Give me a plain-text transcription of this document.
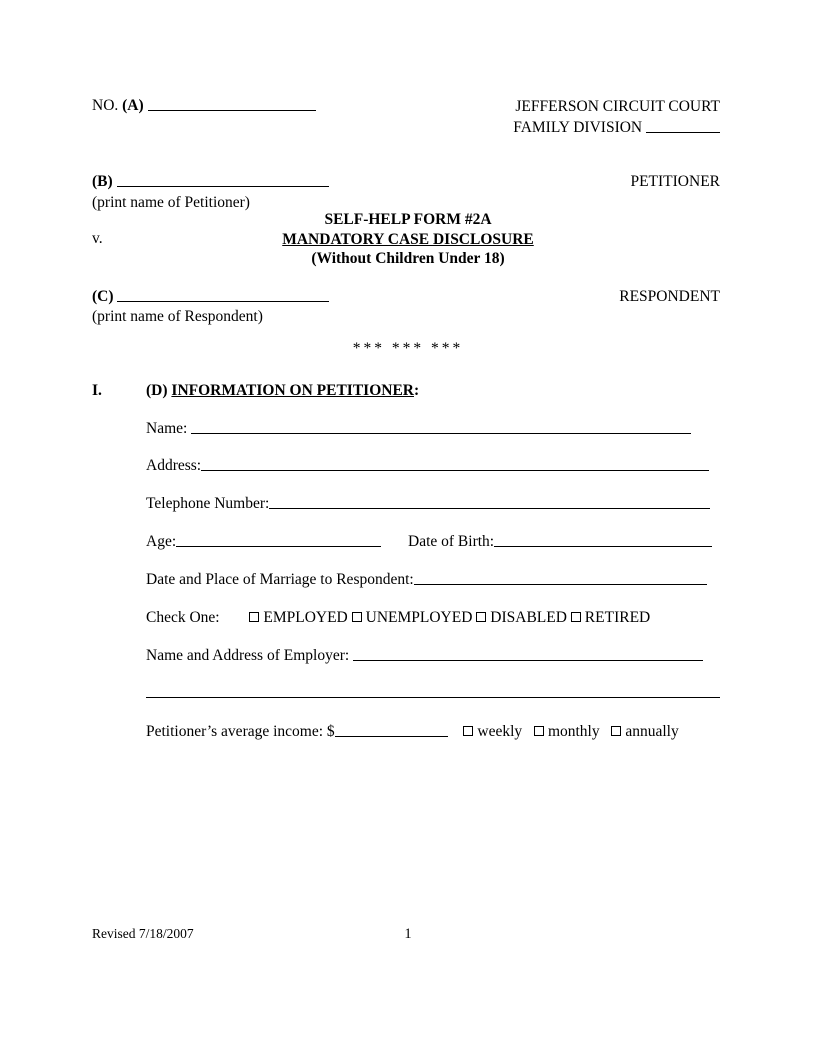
NO. (A)	JEFFERSON CIRCUIT COURT
FAMILY DIVISION
(B)
(print name of Petitioner)
PETITIONER
v.
SELF-HELP FORM #2A
MANDATORY CASE DISCLOSURE
(Without Children Under 18)
(C)
(print name of Respondent)
RESPONDENT
*** *** ***
I.	(D) INFORMATION ON PETITIONER:
Name:
Address:
Telephone Number:
Age:	Date of Birth:
Date and Place of Marriage to Respondent:
Check One:	EMPLOYED UNEMPLOYED DISABLED RETIRED
Name and Address of Employer:
Petitioner’s average income: $	weekly monthly annually
Revised 7/18/2007	1
